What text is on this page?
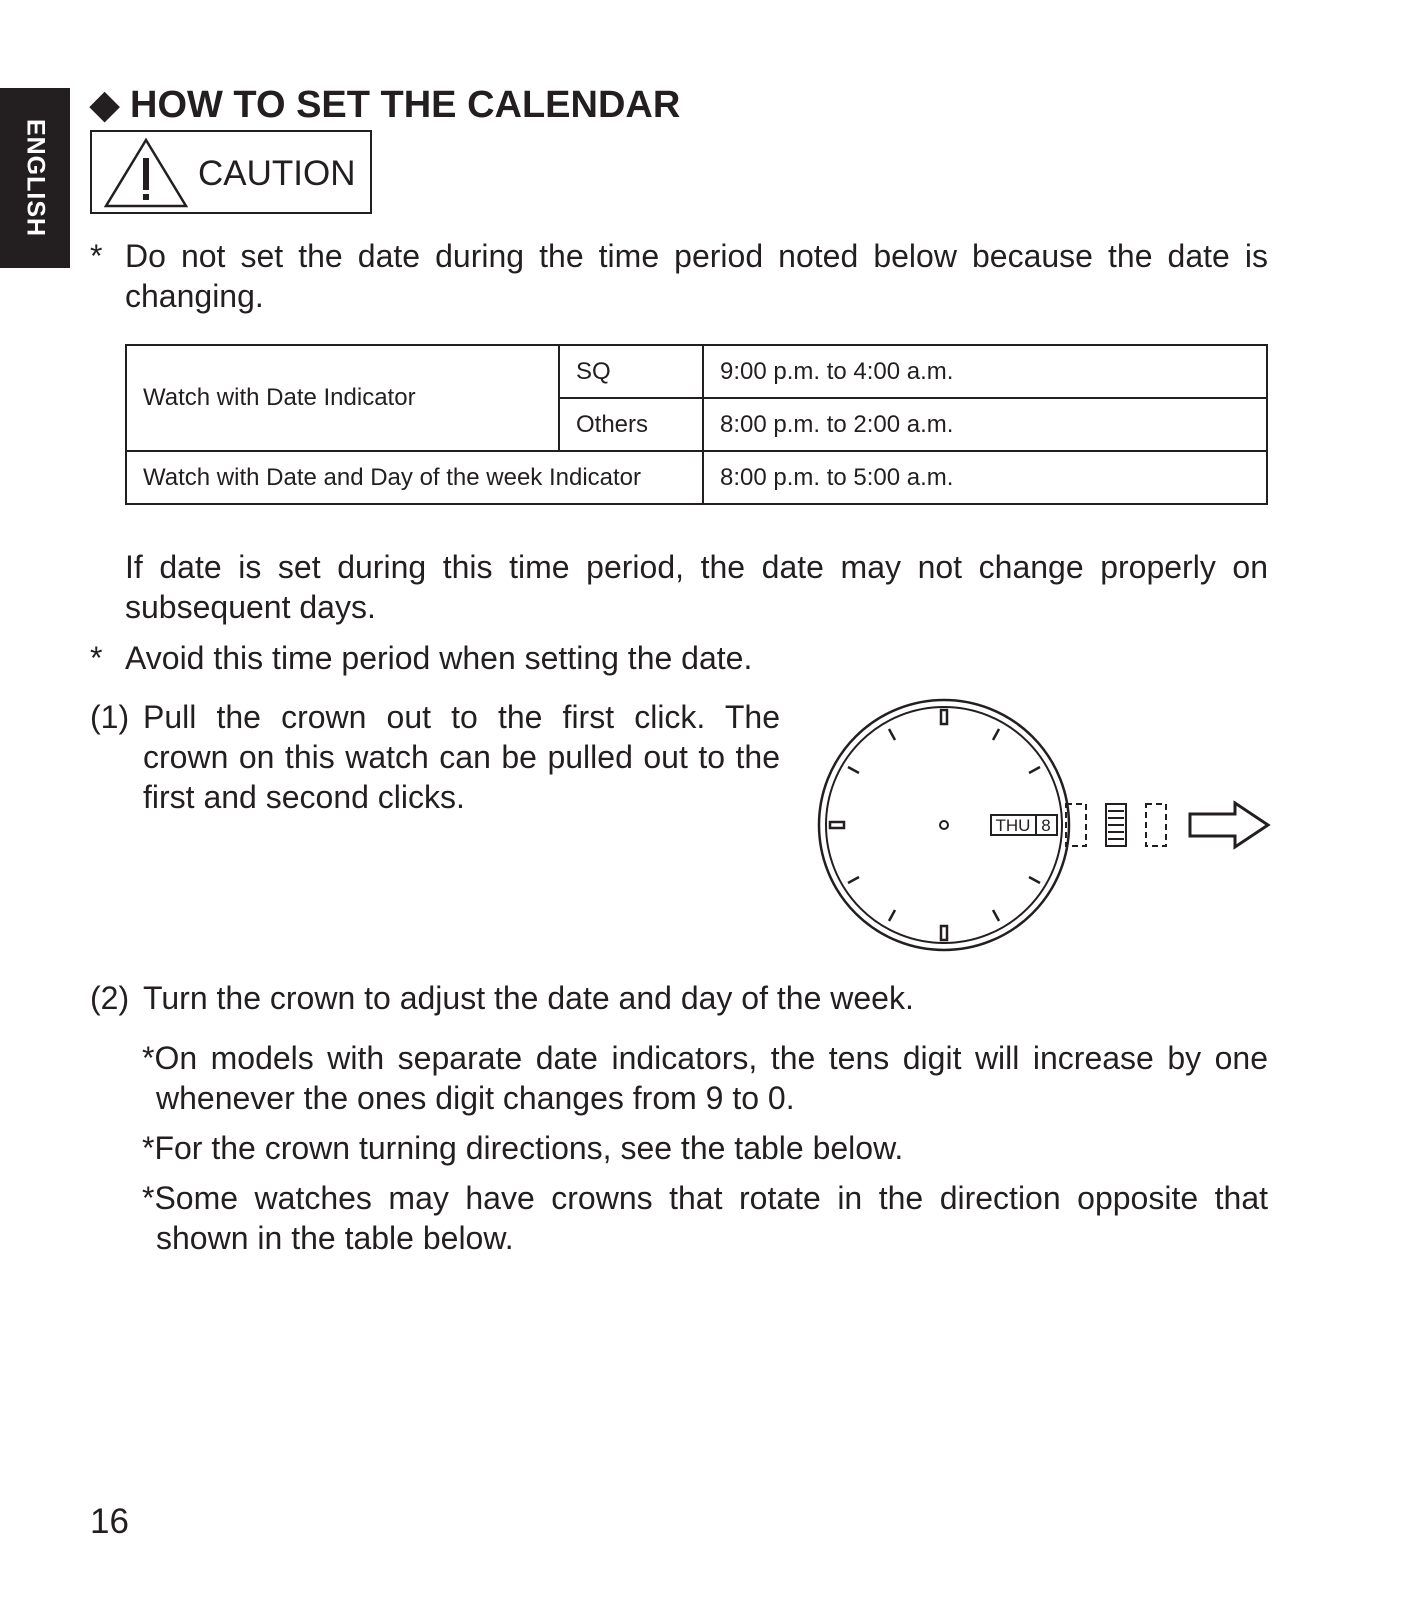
ENGLISH
◆ HOW TO SET THE CALENDAR
CAUTION
* Do not set the date during the time period noted below because the date is changing.
Watch with Date Indicator	SQ	9:00 p.m. to 4:00 a.m.
	Others	8:00 p.m. to 2:00 a.m.
Watch with Date and Day of the week Indicator		8:00 p.m. to 5:00 a.m.
If date is set during this time period, the date may not change properly on subsequent days.
* Avoid this time period when setting the date.
(1) Pull the crown out to the first click. The crown on this watch can be pulled out to the first and second clicks.
THU 8
(2) Turn the crown to adjust the date and day of the week.
*On models with separate date indicators, the tens digit will increase by one whenever the ones digit changes from 9 to 0.
*For the crown turning directions, see the table below.
*Some watches may have crowns that rotate in the direction opposite that shown in the table below.
16
